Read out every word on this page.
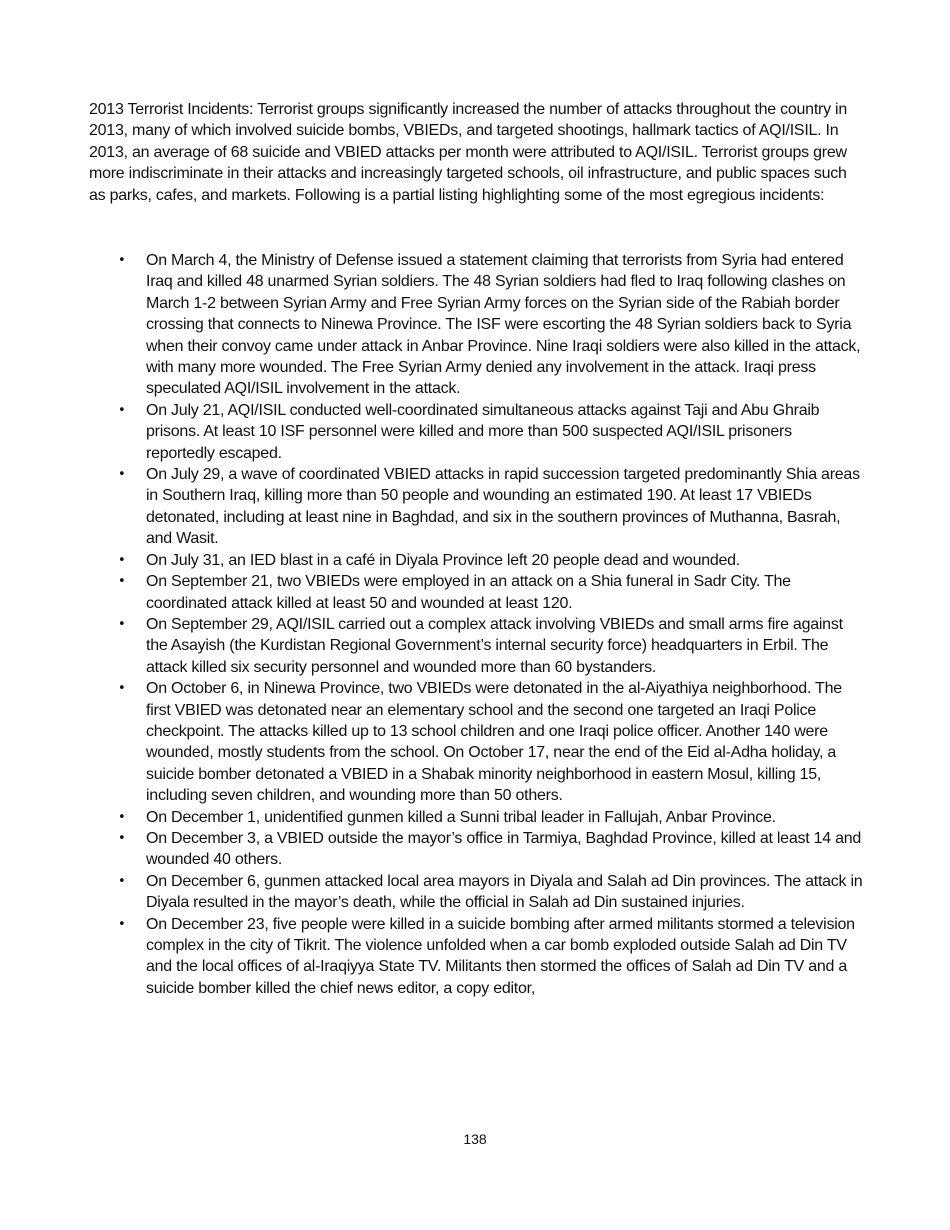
2013 Terrorist Incidents: Terrorist groups significantly increased the number of attacks throughout the country in 2013, many of which involved suicide bombs, VBIEDs, and targeted shootings, hallmark tactics of AQI/ISIL. In 2013, an average of 68 suicide and VBIED attacks per month were attributed to AQI/ISIL. Terrorist groups grew more indiscriminate in their attacks and increasingly targeted schools, oil infrastructure, and public spaces such as parks, cafes, and markets. Following is a partial listing highlighting some of the most egregious incidents:

• On March 4, the Ministry of Defense issued a statement claiming that terrorists from Syria had entered Iraq and killed 48 unarmed Syrian soldiers. The 48 Syrian soldiers had fled to Iraq following clashes on March 1-2 between Syrian Army and Free Syrian Army forces on the Syrian side of the Rabiah border crossing that connects to Ninewa Province. The ISF were escorting the 48 Syrian soldiers back to Syria when their convoy came under attack in Anbar Province. Nine Iraqi soldiers were also killed in the attack, with many more wounded. The Free Syrian Army denied any involvement in the attack. Iraqi press speculated AQI/ISIL involvement in the attack.
• On July 21, AQI/ISIL conducted well-coordinated simultaneous attacks against Taji and Abu Ghraib prisons. At least 10 ISF personnel were killed and more than 500 suspected AQI/ISIL prisoners reportedly escaped.
• On July 29, a wave of coordinated VBIED attacks in rapid succession targeted predominantly Shia areas in Southern Iraq, killing more than 50 people and wounding an estimated 190. At least 17 VBIEDs detonated, including at least nine in Baghdad, and six in the southern provinces of Muthanna, Basrah, and Wasit.
• On July 31, an IED blast in a café in Diyala Province left 20 people dead and wounded.
• On September 21, two VBIEDs were employed in an attack on a Shia funeral in Sadr City. The coordinated attack killed at least 50 and wounded at least 120.
• On September 29, AQI/ISIL carried out a complex attack involving VBIEDs and small arms fire against the Asayish (the Kurdistan Regional Government’s internal security force) headquarters in Erbil. The attack killed six security personnel and wounded more than 60 bystanders.
• On October 6, in Ninewa Province, two VBIEDs were detonated in the al-Aiyathiya neighborhood. The first VBIED was detonated near an elementary school and the second one targeted an Iraqi Police checkpoint. The attacks killed up to 13 school children and one Iraqi police officer. Another 140 were wounded, mostly students from the school. On October 17, near the end of the Eid al-Adha holiday, a suicide bomber detonated a VBIED in a Shabak minority neighborhood in eastern Mosul, killing 15, including seven children, and wounding more than 50 others.
• On December 1, unidentified gunmen killed a Sunni tribal leader in Fallujah, Anbar Province.
• On December 3, a VBIED outside the mayor’s office in Tarmiya, Baghdad Province, killed at least 14 and wounded 40 others.
• On December 6, gunmen attacked local area mayors in Diyala and Salah ad Din provinces. The attack in Diyala resulted in the mayor’s death, while the official in Salah ad Din sustained injuries.
• On December 23, five people were killed in a suicide bombing after armed militants stormed a television complex in the city of Tikrit. The violence unfolded when a car bomb exploded outside Salah ad Din TV and the local offices of al-Iraqiyya State TV. Militants then stormed the offices of Salah ad Din TV and a suicide bomber killed the chief news editor, a copy editor,
138
